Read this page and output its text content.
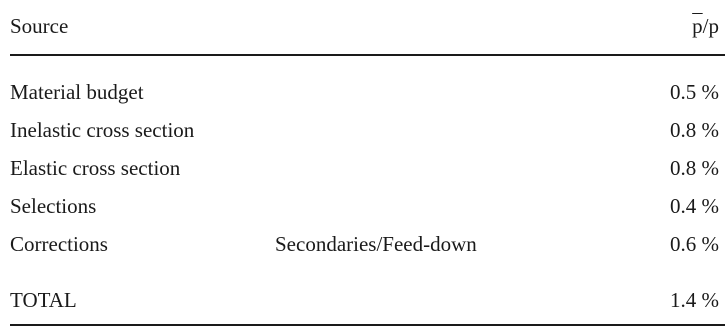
Source	$\overline{p}/p$
Material budget	0.5 %
Inelastic cross section	0.8 %
Elastic cross section	0.8 %
Selections	0.4 %
Corrections	Secondaries/Feed-down	0.6 %
TOTAL	1.4 %
